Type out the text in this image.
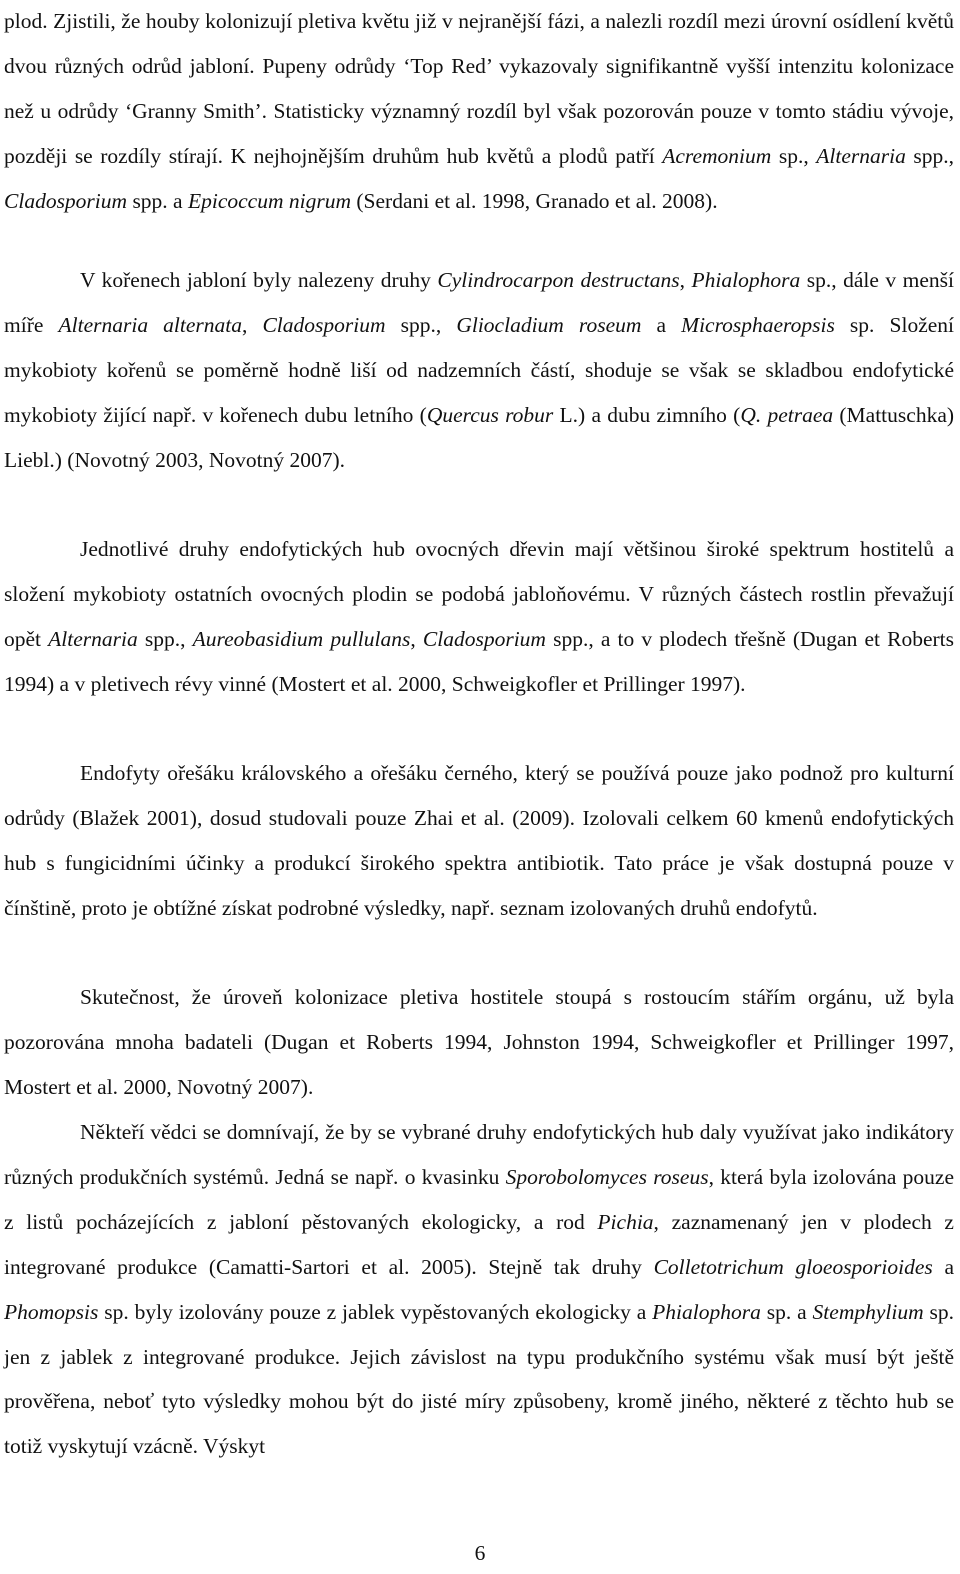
plod. Zjistili, že houby kolonizují pletiva květu již v nejranější fázi, a nalezli rozdíl mezi úrovní osídlení květů dvou různých odrůd jabloní. Pupeny odrůdy ‘Top Red’ vykazovaly signifikantně vyšší intenzitu kolonizace než u odrůdy ‘Granny Smith’. Statisticky významný rozdíl byl však pozorován pouze v tomto stádiu vývoje, později se rozdíly stírají. K nejhojnějším druhům hub květů a plodů patří Acremonium sp., Alternaria spp., Cladosporium spp. a Epicoccum nigrum (Serdani et al. 1998, Granado et al. 2008).

V kořenech jabloní byly nalezeny druhy Cylindrocarpon destructans, Phialophora sp., dále v menší míře Alternaria alternata, Cladosporium spp., Gliocladium roseum a Microsphaeropsis sp. Složení mykobioty kořenů se poměrně hodně liší od nadzemních částí, shoduje se však se skladbou endofytické mykobioty žijící např. v kořenech dubu letního (Quercus robur L.) a dubu zimního (Q. petraea (Mattuschka) Liebl.) (Novotný 2003, Novotný 2007).

Jednotlivé druhy endofytických hub ovocných dřevin mají většinou široké spektrum hostitelů a složení mykobioty ostatních ovocných plodin se podobá jabloňovému. V různých částech rostlin převažují opět Alternaria spp., Aureobasidium pullulans, Cladosporium spp., a to v plodech třešně (Dugan et Roberts 1994) a v pletivech révy vinné (Mostert et al. 2000, Schweigkofler et Prillinger 1997).

Endofyty ořešáku královského a ořešáku černého, který se používá pouze jako podnož pro kulturní odrůdy (Blažek 2001), dosud studovali pouze Zhai et al. (2009). Izolovali celkem 60 kmenů endofytických hub s fungicidními účinky a produkcí širokého spektra antibiotik. Tato práce je však dostupná pouze v čínštině, proto je obtížné získat podrobné výsledky, např. seznam izolovaných druhů endofytů.

Skutečnost, že úroveň kolonizace pletiva hostitele stoupá s rostoucím stářím orgánu, už byla pozorována mnoha badateli (Dugan et Roberts 1994, Johnston 1994, Schweigkofler et Prillinger 1997, Mostert et al. 2000, Novotný 2007).

Někteří vědci se domnívají, že by se vybrané druhy endofytických hub daly využívat jako indikátory různých produkčních systémů. Jedná se např. o kvasinku Sporobolomyces roseus, která byla izolována pouze z listů pocházejících z jabloní pěstovaných ekologicky, a rod Pichia, zaznamenaný jen v plodech z integrované produkce (Camatti-Sartori et al. 2005). Stejně tak druhy Colletotrichum gloeosporioides a Phomopsis sp. byly izolovány pouze z jablek vypěstovaných ekologicky a Phialophora sp. a Stemphylium sp. jen z jablek z integrované produkce. Jejich závislost na typu produkčního systému však musí být ještě prověřena, neboť tyto výsledky mohou být do jisté míry způsobeny, kromě jiného, některé z těchto hub se totiž vyskytují vzácně. Výskyt

6
